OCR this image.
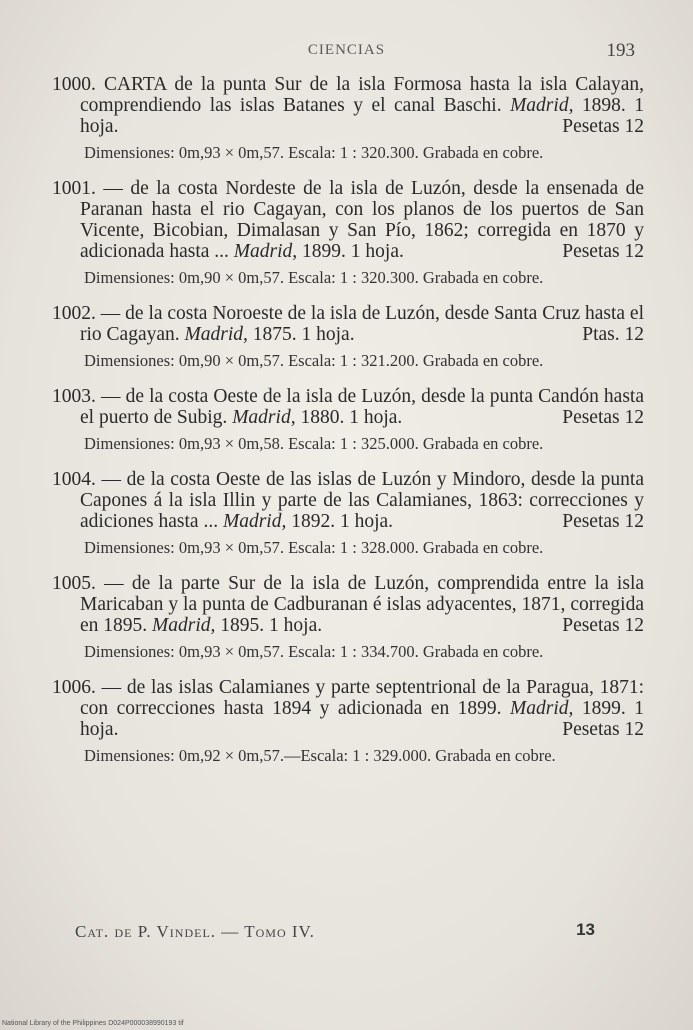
CIENCIAS	193

1000. CARTA de la punta Sur de la isla Formosa hasta la isla Calayan, comprendiendo las islas Batanes y el canal Baschi. Madrid, 1898. 1 hoja.	Pesetas 12

Dimensiones: 0m,93 × 0m,57. Escala: 1 : 320.300. Grabada en cobre.

1001. — de la costa Nordeste de la isla de Luzón, desde la ensenada de Paranan hasta el rio Cagayan, con los planos de los puertos de San Vicente, Bicobian, Dimalasan y San Pío, 1862; corregida en 1870 y adicionada hasta ... Madrid, 1899. 1 hoja.	Pesetas 12

Dimensiones: 0m,90 × 0m,57. Escala: 1 : 320.300. Grabada en cobre.

1002. — de la costa Noroeste de la isla de Luzón, desde Santa Cruz hasta el rio Cagayan. Madrid, 1875. 1 hoja.	Ptas. 12

Dimensiones: 0m,90 × 0m,57. Escala: 1 : 321.200. Grabada en cobre.

1003. — de la costa Oeste de la isla de Luzón, desde la punta Candón hasta el puerto de Subig. Madrid, 1880. 1 hoja.	Pesetas 12

Dimensiones: 0m,93 × 0m,58. Escala: 1 : 325.000. Grabada en cobre.

1004. — de la costa Oeste de las islas de Luzón y Mindoro, desde la punta Capones á la isla Illin y parte de las Calamianes, 1863: correcciones y adiciones hasta ... Madrid, 1892. 1 hoja.	Pesetas 12

Dimensiones: 0m,93 × 0m,57. Escala: 1 : 328.000. Grabada en cobre.

1005. — de la parte Sur de la isla de Luzón, comprendida entre la isla Maricaban y la punta de Cadburanan é islas adyacentes, 1871, corregida en 1895. Madrid, 1895. 1 hoja.	Pesetas 12

Dimensiones: 0m,93 × 0m,57. Escala: 1 : 334.700. Grabada en cobre.

1006. — de las islas Calamianes y parte septentrional de la Paragua, 1871: con correcciones hasta 1894 y adicionada en 1899. Madrid, 1899. 1 hoja.	Pesetas 12

Dimensiones: 0m,92 × 0m,57.—Escala: 1 : 329.000. Grabada en cobre.

Cat. de P. Vindel. — Tomo IV.	13
National Library of the Philippines D024P000038990193 tif
